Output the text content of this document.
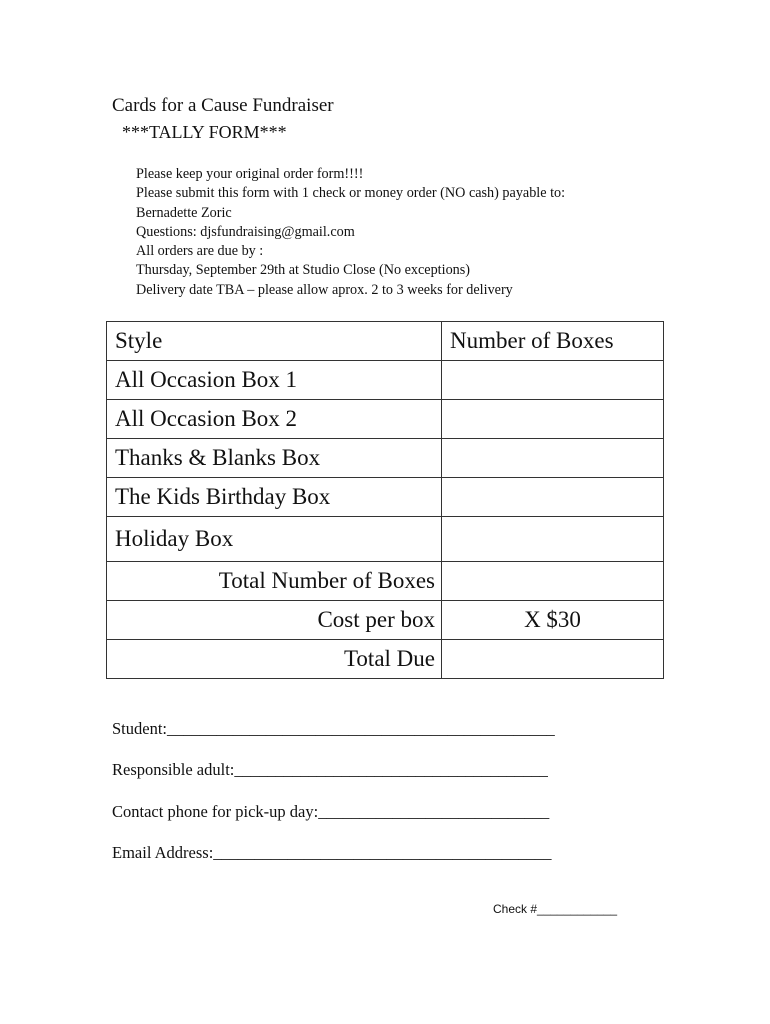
Cards for a Cause Fundraiser
***TALLY FORM***
Please keep your original order form!!!!
Please submit this form with 1 check or money order (NO cash) payable to:
Bernadette Zoric
Questions: djsfundraising@gmail.com
All orders are due by :
Thursday, September 29th at Studio Close (No exceptions)
Delivery date TBA – please allow aprox. 2 to 3 weeks for delivery
Style	Number of Boxes
All Occasion Box 1	
All Occasion Box 2	
Thanks & Blanks Box	
The Kids Birthday Box	
Holiday Box	
Total Number of Boxes	
Cost per box	X $30
Total Due	
Student:_______________________________________________
Responsible adult:______________________________________
Contact phone for pick-up day:____________________________
Email Address:_________________________________________
Check #____________
